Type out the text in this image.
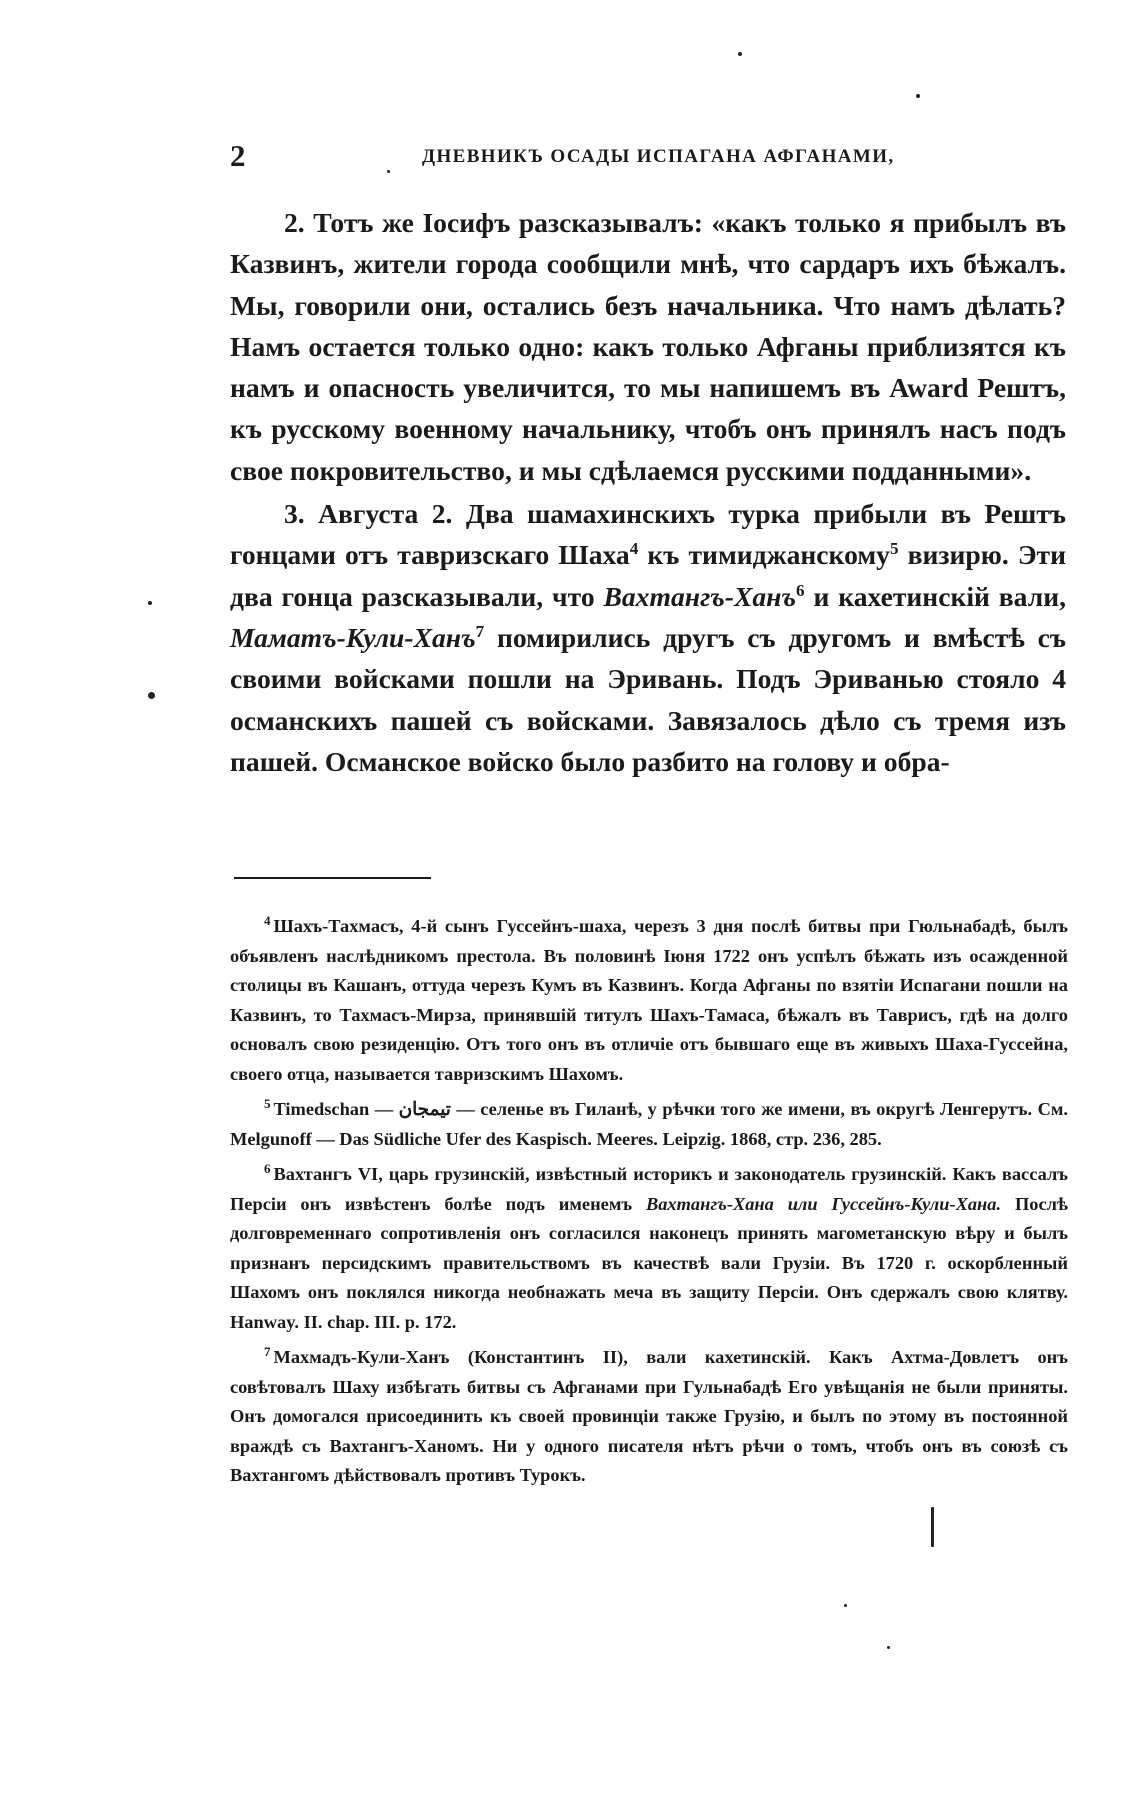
2	ДНЕВНИКЪ ОСАДЫ ИСПАГАНА АФГАНАМИ,

2. Тотъ же Іосифъ разсказывалъ: «какъ только я прибылъ въ Казвинъ, жители города сообщили мнѣ, что сардаръ ихъ бѣжалъ. Мы, говорили они, остались безъ начальника. Что намъ дѣлать? Намъ остается только одно: какъ только Афганы приблизятся къ намъ и опасность увеличится, то мы напишемъ въ Award Рештъ, къ русскому военному начальнику, чтобъ онъ принялъ насъ подъ свое покровительство, и мы сдѣлаемся русскими подданными».

3. Августа 2. Два шамахинскихъ турка прибыли въ Рештъ гонцами отъ тавризскаго Шаха$^4$ къ тимиджанскому$^5$ визирю. Эти два гонца разсказывали, что Вахтангъ-Ханъ$^6$ и кахетинскій вали, Маматъ-Кули-Ханъ$^7$ помирились другъ съ другомъ и вмѣстѣ съ своими войсками пошли на Эривань. Подъ Эриванью стояло 4 османскихъ пашей съ войсками. Завязалось дѣло съ тремя изъ пашей. Османское войско было разбито на голову и обра-

$^4$ Шахъ-Тахмасъ, 4-й сынъ Гуссейнъ-шаха, черезъ 3 дня послѣ битвы при Гюльнабадѣ, былъ объявленъ наслѣдникомъ престола. Въ половинѣ Іюня 1722 онъ успѣлъ бѣжать изъ осажденной столицы въ Кашанъ, оттуда черезъ Кумъ въ Казвинъ. Когда Афганы по взятіи Испагани пошли на Казвинъ, то Тахмасъ-Мирза, принявшій титулъ Шахъ-Тамаса, бѣжалъ въ Таврисъ, гдѣ на долго основалъ свою резиденцію. Отъ того онъ въ отличіе отъ бывшаго еще въ живыхъ Шаха-Гуссейна, своего отца, называется тавризскимъ Шахомъ.

$^5$ Timedschan — تيمجان — селенье въ Гиланѣ, у рѣчки того же имени, въ округѣ Ленгерутъ. См. Melgunoff — Das Südliche Ufer des Kaspisch. Meeres. Leipzig. 1868, стр. 236, 285.

$^6$ Вахтангъ VI, царь грузинскій, извѣстный историкъ и законодатель грузинскій. Какъ вассалъ Персіи онъ извѣстенъ болѣе подъ именемъ Вахтангъ-Хана или Гуссейнъ-Кули-Хана. Послѣ долговременнаго сопротивленія онъ согласился наконецъ принять магометанскую вѣру и былъ признанъ персидскимъ правительствомъ въ качествѣ вали Грузіи. Въ 1720 г. оскорбленный Шахомъ онъ поклялся никогда необнажать меча въ защиту Персіи. Онъ сдержалъ свою клятву. Hanway. II. chap. III. p. 172.

$^7$ Махмадъ-Кули-Ханъ (Константинъ II), вали кахетинскій. Какъ Ахтма-Довлетъ онъ совѣтовалъ Шаху избѣгать битвы съ Афганами при Гульнабадѣ Его увѣщанія не были приняты. Онъ домогался присоединить къ своей провинціи также Грузію, и былъ по этому въ постоянной враждѣ съ Вахтангъ-Ханомъ. Ни у одного писателя нѣтъ рѣчи о томъ, чтобъ онъ въ союзѣ съ Вахтангомъ дѣйствовалъ противъ Турокъ.
